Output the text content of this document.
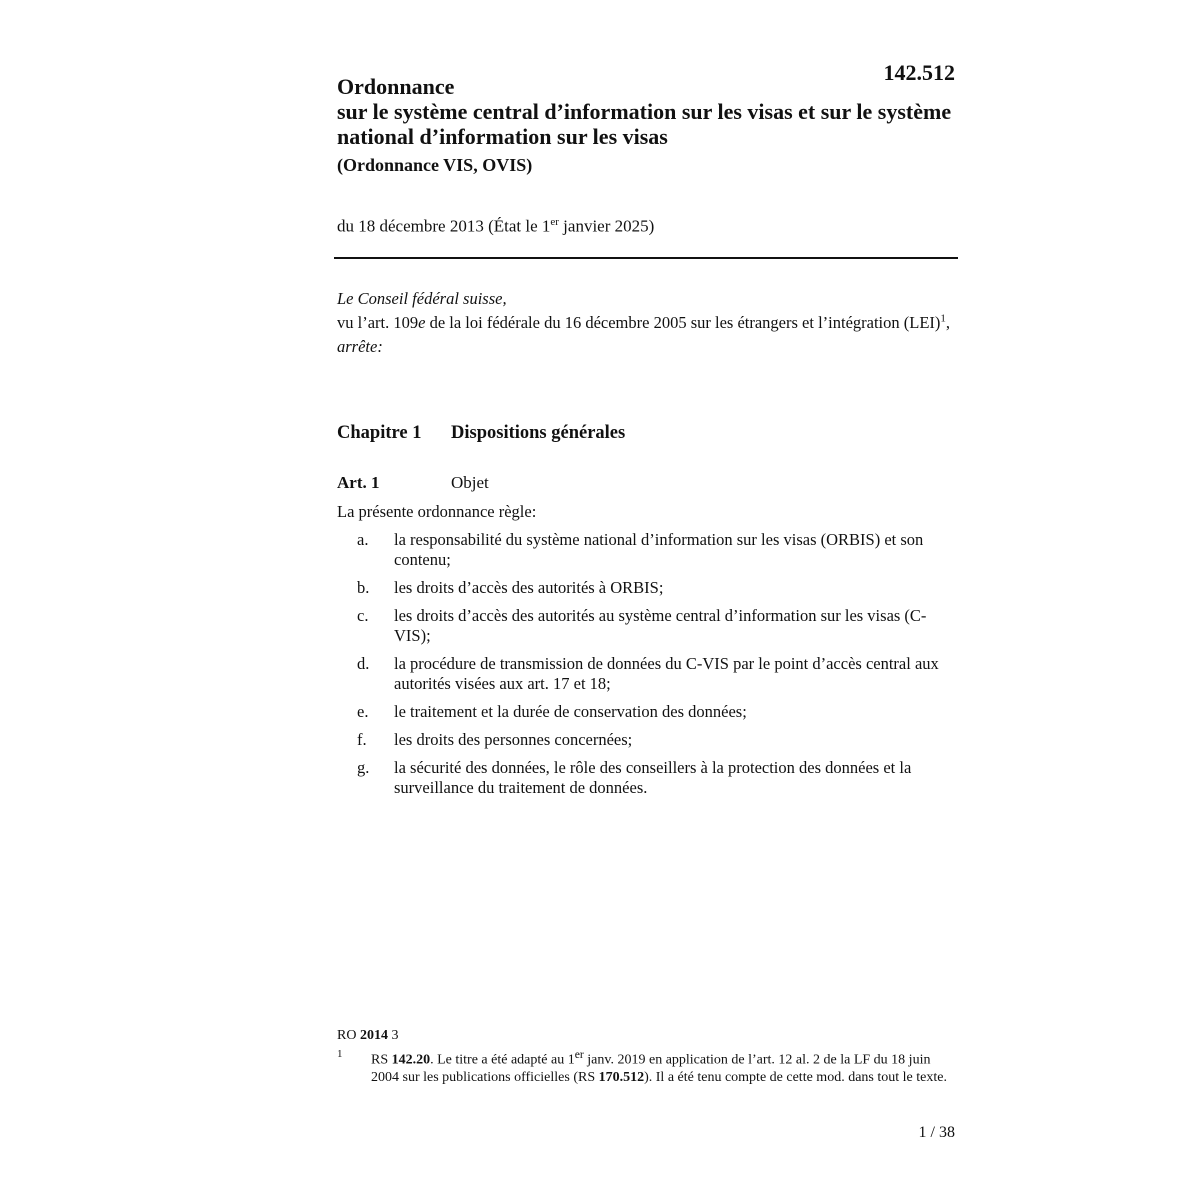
142.512
Ordonnance
sur le système central d’information sur les visas et sur le système national d’information sur les visas
(Ordonnance VIS, OVIS)
du 18 décembre 2013 (État le 1er janvier 2025)
Le Conseil fédéral suisse,
vu l’art. 109e de la loi fédérale du 16 décembre 2005 sur les étrangers et l’intégration (LEI)$^1$,
arrête:
Chapitre 1 Dispositions générales
Art. 1	Objet
La présente ordonnance règle:
a. la responsabilité du système national d’information sur les visas (ORBIS) et son contenu;
b. les droits d’accès des autorités à ORBIS;
c. les droits d’accès des autorités au système central d’information sur les visas (C-VIS);
d. la procédure de transmission de données du C-VIS par le point d’accès central aux autorités visées aux art. 17 et 18;
e. le traitement et la durée de conservation des données;
f. les droits des personnes concernées;
g. la sécurité des données, le rôle des conseillers à la protection des données et la surveillance du traitement de données.
RO 2014 3
1 RS 142.20. Le titre a été adapté au 1er janv. 2019 en application de l’art. 12 al. 2 de la LF du 18 juin 2004 sur les publications officielles (RS 170.512). Il a été tenu compte de cette mod. dans tout le texte.
1 / 38
